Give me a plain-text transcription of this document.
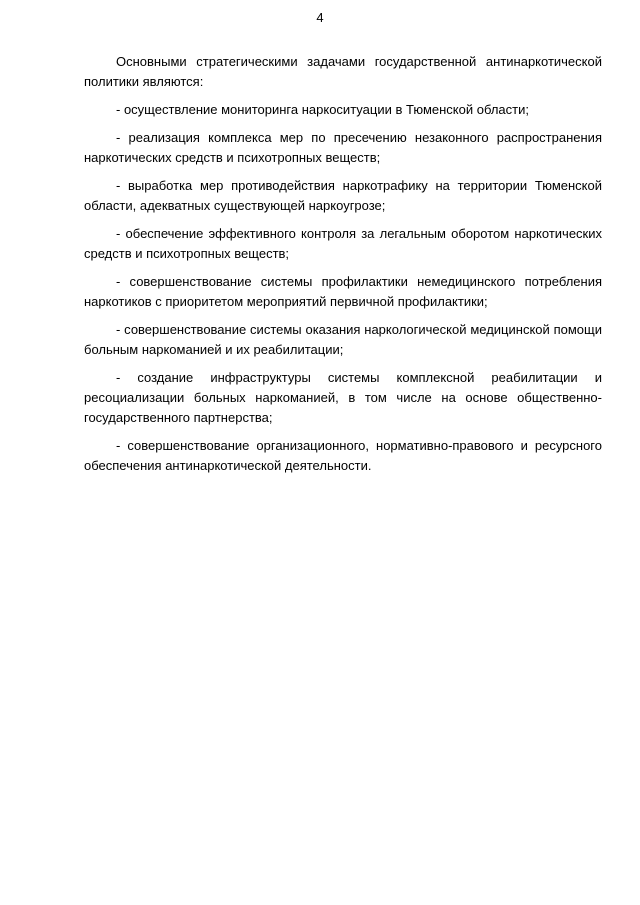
4

Основными стратегическими задачами государственной антинаркотической политики являются:

- осуществление мониторинга наркоситуации в Тюменской области;

- реализация комплекса мер по пресечению незаконного распространения наркотических средств и психотропных веществ;

- выработка мер противодействия наркотрафику на территории Тюменской области, адекватных существующей наркоугрозе;

- обеспечение эффективного контроля за легальным оборотом наркотических средств и психотропных веществ;

- совершенствование системы профилактики немедицинского потребления наркотиков с приоритетом мероприятий первичной профилактики;

- совершенствование системы оказания наркологической медицинской помощи больным наркоманией и их реабилитации;

- создание инфраструктуры системы комплексной реабилитации и ресоциализации больных наркоманией, в том числе на основе общественно-государственного партнерства;

- совершенствование организационного, нормативно-правового и ресурсного обеспечения антинаркотической деятельности.
